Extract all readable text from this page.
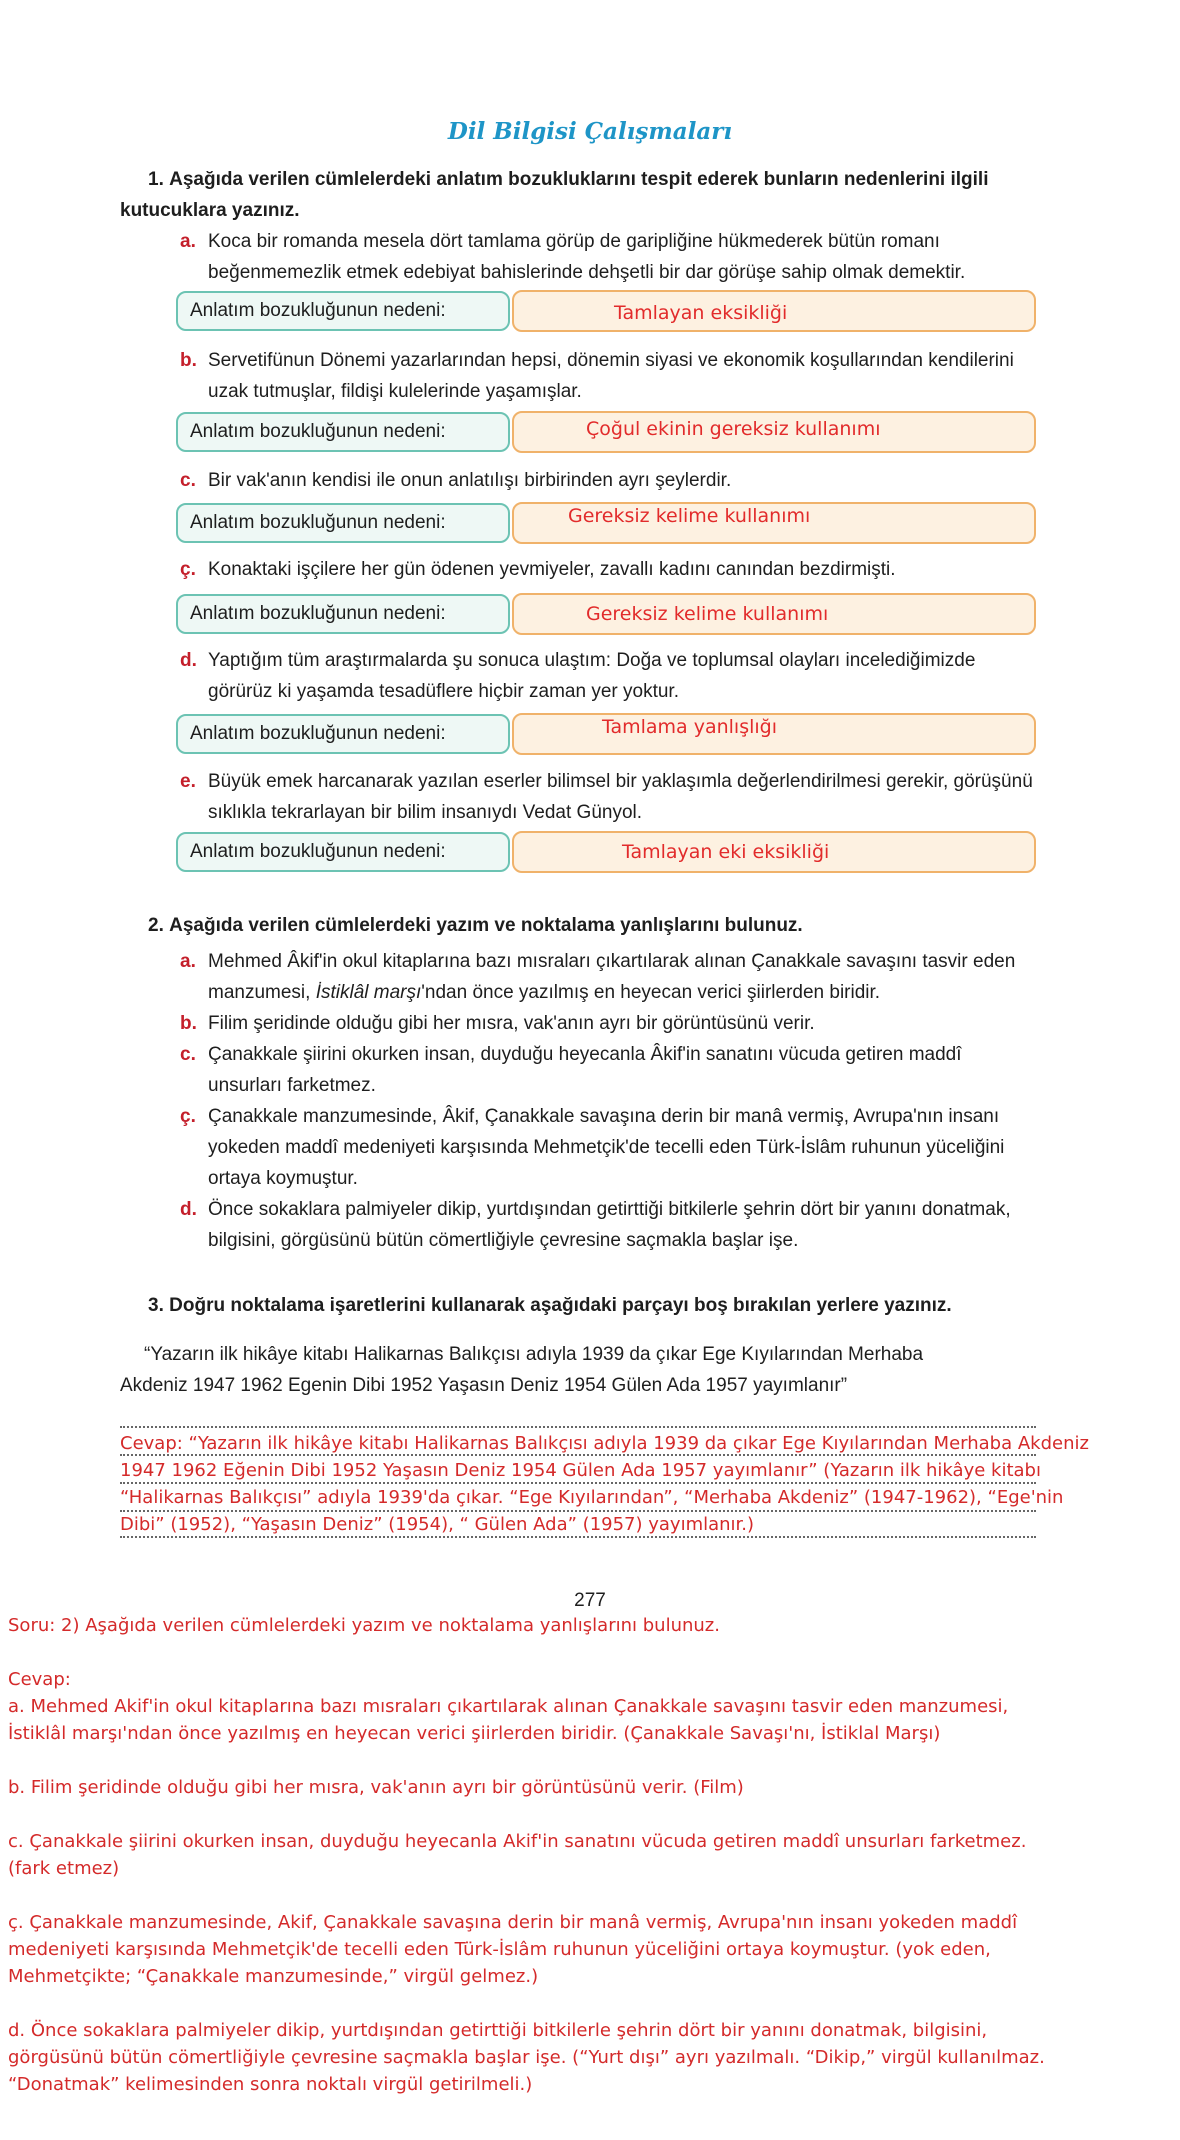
Dil Bilgisi Çalışmaları
1. Aşağıda verilen cümlelerdeki anlatım bozukluklarını tespit ederek bunların nedenlerini ilgili kutucuklara yazınız.
a. Koca bir romanda mesela dört tamlama görüp de garipliğine hükmederek bütün romanı beğenmemezlik etmek edebiyat bahislerinde dehşetli bir dar görüşe sahip olmak demektir.
Anlatım bozukluğunun nedeni:	Tamlayan eksikliği
b. Servetifünun Dönemi yazarlarından hepsi, dönemin siyasi ve ekonomik koşullarından kendilerini uzak tutmuşlar, fildişi kulelerinde yaşamışlar.
Anlatım bozukluğunun nedeni:	Çoğul ekinin gereksiz kullanımı
c. Bir vak'anın kendisi ile onun anlatılışı birbirinden ayrı şeylerdir.
Anlatım bozukluğunun nedeni:	Gereksiz kelime kullanımı
ç. Konaktaki işçilere her gün ödenen yevmiyeler, zavallı kadını canından bezdirmişti.
Anlatım bozukluğunun nedeni:	Gereksiz kelime kullanımı
d. Yaptığım tüm araştırmalarda şu sonuca ulaştım: Doğa ve toplumsal olayları incelediğimizde görürüz ki yaşamda tesadüflere hiçbir zaman yer yoktur.
Anlatım bozukluğunun nedeni:	Tamlama yanlışlığı
e. Büyük emek harcanarak yazılan eserler bilimsel bir yaklaşımla değerlendirilmesi gerekir, görüşünü sıklıkla tekrarlayan bir bilim insanıydı Vedat Günyol.
Anlatım bozukluğunun nedeni:	Tamlayan eki eksikliği
2. Aşağıda verilen cümlelerdeki yazım ve noktalama yanlışlarını bulunuz.
a. Mehmed Âkif'in okul kitaplarına bazı mısraları çıkartılarak alınan Çanakkale savaşını tasvir eden manzumesi, İstiklâl marşı'ndan önce yazılmış en heyecan verici şiirlerden biridir.
b. Filim şeridinde olduğu gibi her mısra, vak'anın ayrı bir görüntüsünü verir.
c. Çanakkale şiirini okurken insan, duyduğu heyecanla Âkif'in sanatını vücuda getiren maddî unsurları farketmez.
ç. Çanakkale manzumesinde, Âkif, Çanakkale savaşına derin bir manâ vermiş, Avrupa'nın insanı yokeden maddî medeniyeti karşısında Mehmetçik'de tecelli eden Türk-İslâm ruhunun yüceliğini ortaya koymuştur.
d. Önce sokaklara palmiyeler dikip, yurtdışından getirttiği bitkilerle şehrin dört bir yanını donatmak, bilgisini, görgüsünü bütün cömertliğiyle çevresine saçmakla başlar işe.
3. Doğru noktalama işaretlerini kullanarak aşağıdaki parçayı boş bırakılan yerlere yazınız.
“Yazarın ilk hikâye kitabı Halikarnas Balıkçısı adıyla 1939 da çıkar Ege Kıyılarından Merhaba
Akdeniz 1947 1962 Egenin Dibi 1952 Yaşasın Deniz 1954 Gülen Ada 1957 yayımlanır”
Cevap: “Yazarın ilk hikâye kitabı Halikarnas Balıkçısı adıyla 1939 da çıkar Ege Kıyılarından Merhaba Akdeniz
1947 1962 Eğenin Dibi 1952 Yaşasın Deniz 1954 Gülen Ada 1957 yayımlanır” (Yazarın ilk hikâye kitabı
“Halikarnas Balıkçısı” adıyla 1939'da çıkar. “Ege Kıyılarından”, “Merhaba Akdeniz” (1947-1962), “Ege'nin
Dibi” (1952), “Yaşasın Deniz” (1954), “ Gülen Ada” (1957) yayımlanır.)
277
Soru: 2) Aşağıda verilen cümlelerdeki yazım ve noktalama yanlışlarını bulunuz.
Cevap:
a. Mehmed Akif'in okul kitaplarına bazı mısraları çıkartılarak alınan Çanakkale savaşını tasvir eden manzumesi,
İstiklâl marşı'ndan önce yazılmış en heyecan verici şiirlerden biridir. (Çanakkale Savaşı'nı, İstiklal Marşı)
b. Filim şeridinde olduğu gibi her mısra, vak'anın ayrı bir görüntüsünü verir. (Film)
c. Çanakkale şiirini okurken insan, duyduğu heyecanla Akif'in sanatını vücuda getiren maddî unsurları farketmez.
(fark etmez)
ç. Çanakkale manzumesinde, Akif, Çanakkale savaşına derin bir manâ vermiş, Avrupa'nın insanı yokeden maddî
medeniyeti karşısında Mehmetçik'de tecelli eden Türk-İslâm ruhunun yüceliğini ortaya koymuştur. (yok eden,
Mehmetçikte; “Çanakkale manzumesinde,” virgül gelmez.)
d. Önce sokaklara palmiyeler dikip, yurtdışından getirttiği bitkilerle şehrin dört bir yanını donatmak, bilgisini,
görgüsünü bütün cömertliğiyle çevresine saçmakla başlar işe. (“Yurt dışı” ayrı yazılmalı. “Dikip,” virgül kullanılmaz.
“Donatmak” kelimesinden sonra noktalı virgül getirilmeli.)
